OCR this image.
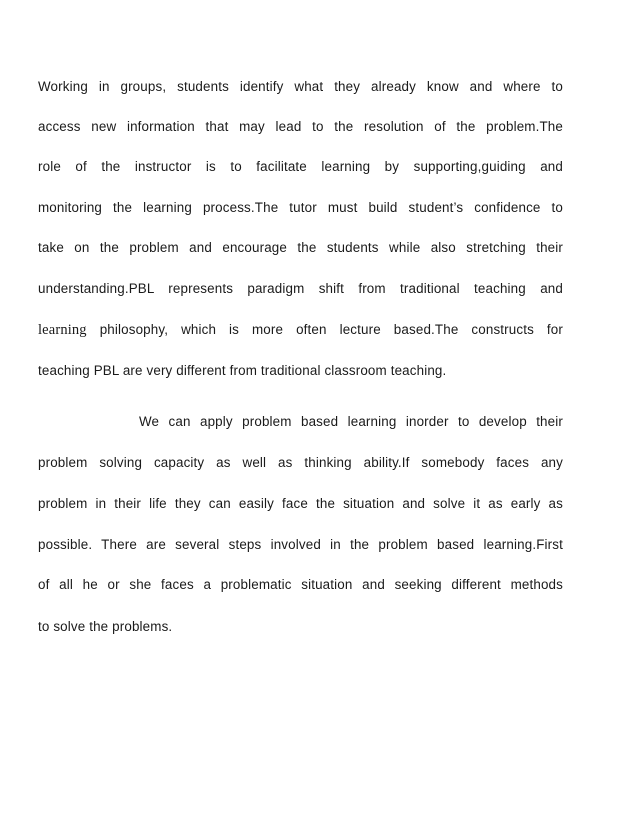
Working in groups, students identify what they already know and where to
access new information that may lead to the resolution of the problem.The
role of the instructor is to facilitate learning by supporting,guiding and
monitoring the learning process.The tutor must build student’s confidence to
take on the problem and encourage the students while also stretching their
understanding.PBL represents paradigm shift from traditional teaching and
learning philosophy, which is more often lecture based.The constructs for
teaching PBL are very different from traditional classroom teaching.
We can apply problem based learning inorder to develop their
problem solving capacity as well as thinking ability.If somebody faces any
problem in their life they can easily face the situation and solve it as early as
possible. There are several steps involved in the problem based learning.First
of all he or she faces a problematic situation and seeking different methods
to solve the problems.
